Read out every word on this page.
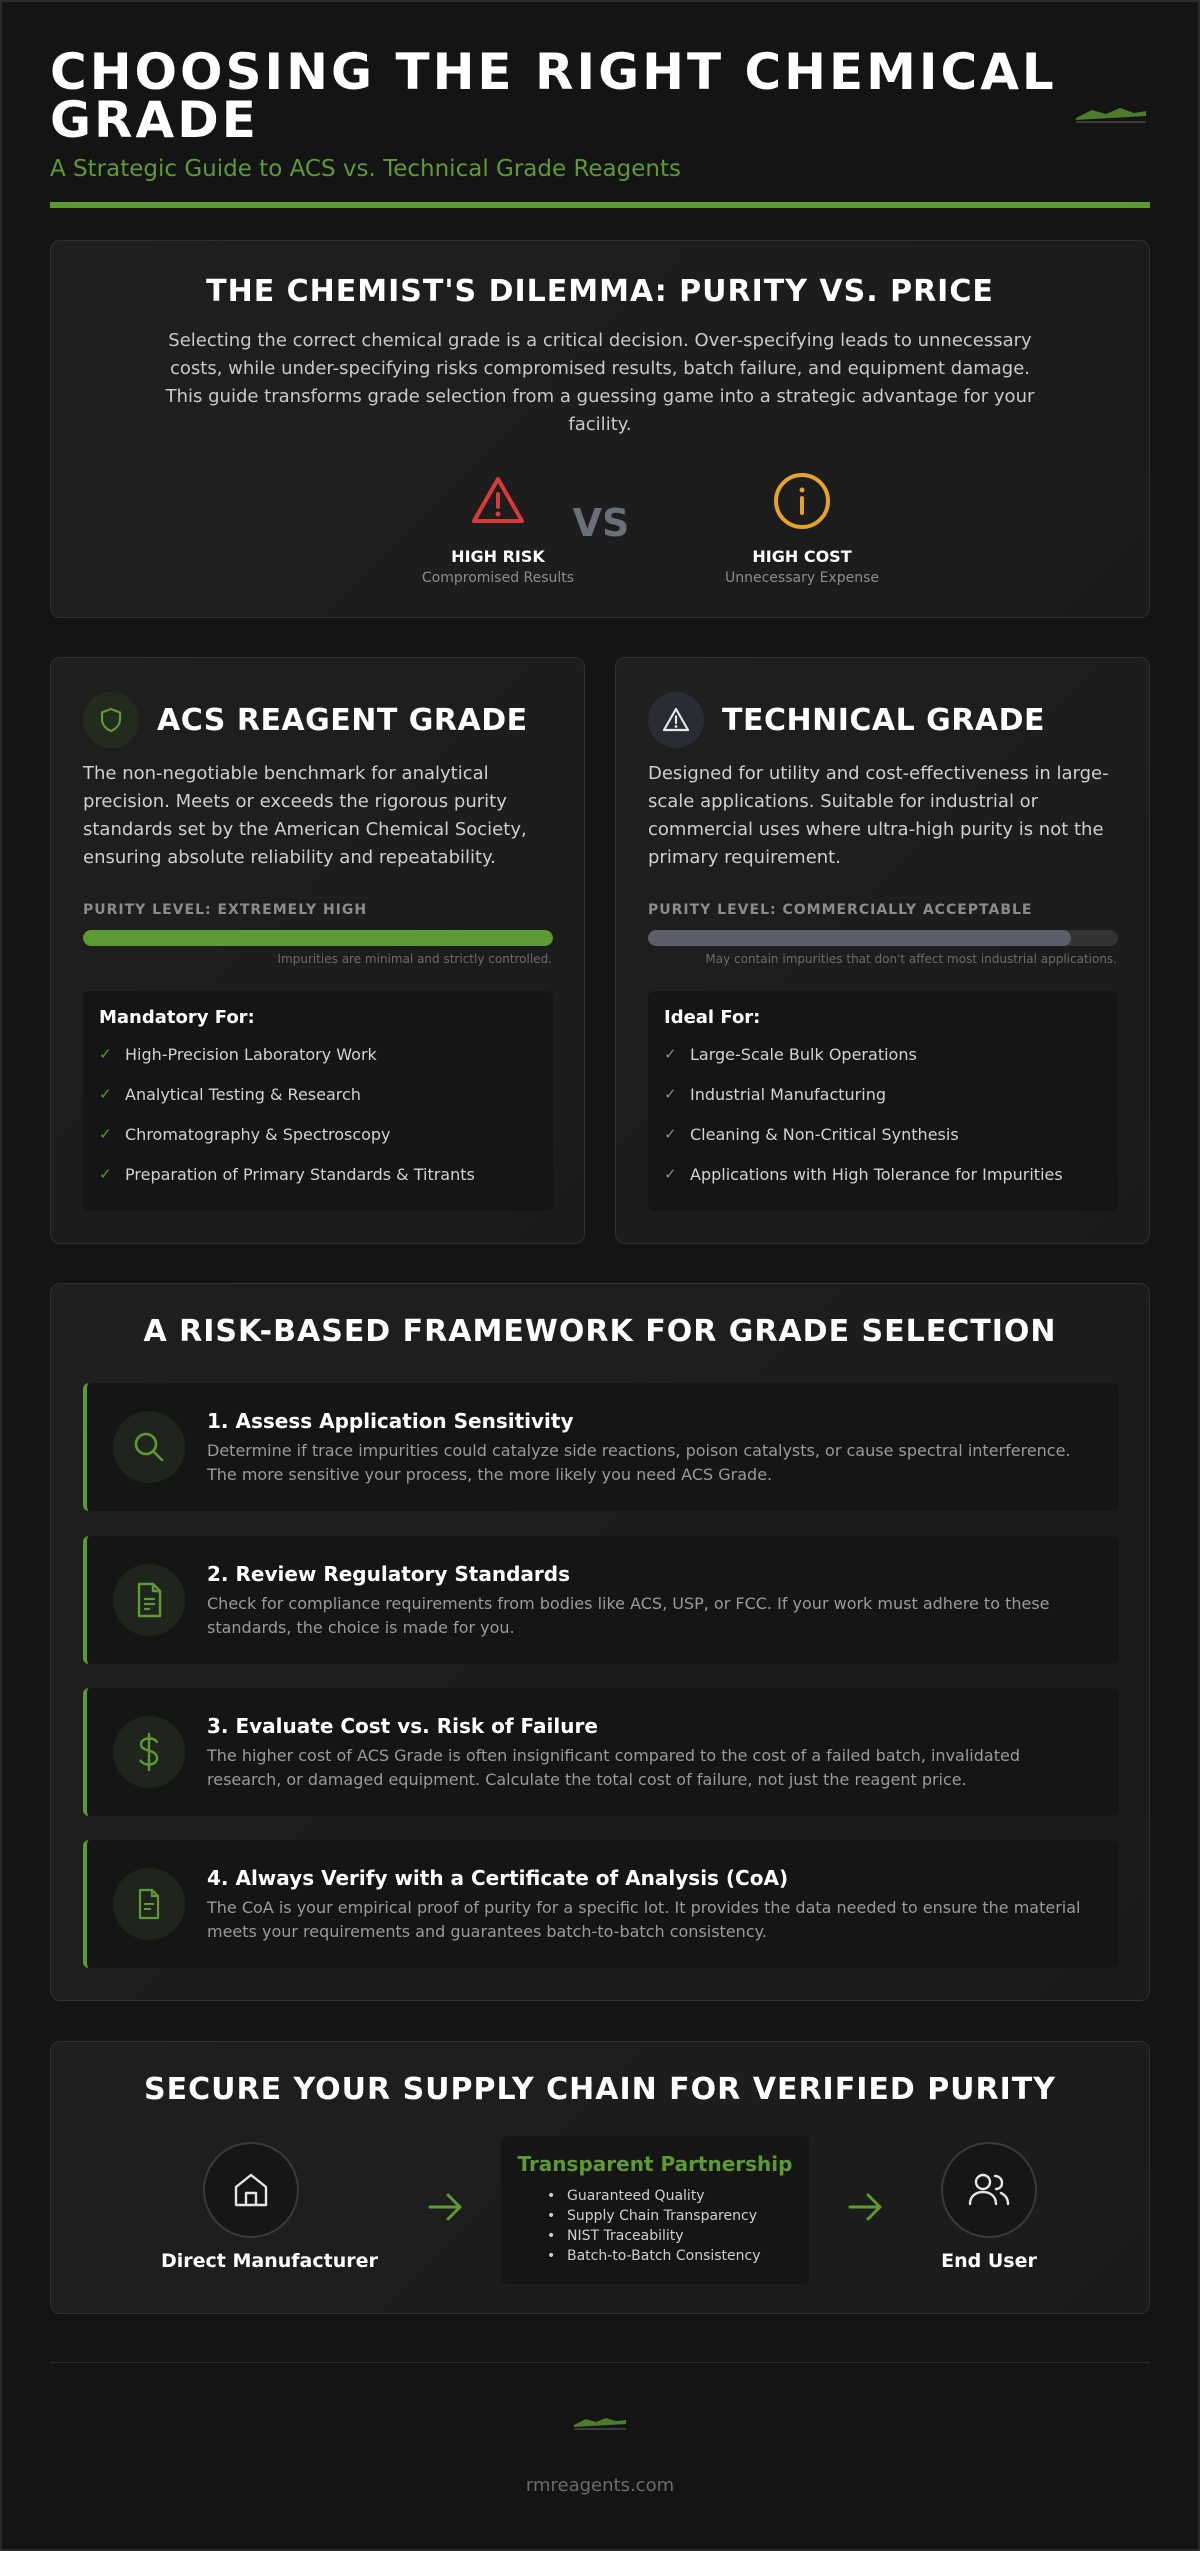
CHOOSING THE RIGHT CHEMICAL GRADE
A Strategic Guide to ACS vs. Technical Grade Reagents
THE CHEMIST'S DILEMMA: PURITY VS. PRICE

Selecting the correct chemical grade is a critical decision. Over-specifying leads to unnecessary costs, while under-specifying risks compromised results, batch failure, and equipment damage. This guide transforms grade selection from a guessing game into a strategic advantage for your facility.

HIGH RISK
Compromised Results
VS
HIGH COST
Unnecessary Expense
ACS REAGENT GRADE
The non-negotiable benchmark for analytical precision. Meets or exceeds the rigorous purity standards set by the American Chemical Society, ensuring absolute reliability and repeatability.
PURITY LEVEL: EXTREMELY HIGH
Impurities are minimal and strictly controlled.
Mandatory For:
✓ High-Precision Laboratory Work
✓ Analytical Testing & Research
✓ Chromatography & Spectroscopy
✓ Preparation of Primary Standards & Titrants
TECHNICAL GRADE
Designed for utility and cost-effectiveness in large-scale applications. Suitable for industrial or commercial uses where ultra-high purity is not the primary requirement.
PURITY LEVEL: COMMERCIALLY ACCEPTABLE
May contain impurities that don't affect most industrial applications.
Ideal For:
✓ Large-Scale Bulk Operations
✓ Industrial Manufacturing
✓ Cleaning & Non-Critical Synthesis
✓ Applications with High Tolerance for Impurities
A RISK-BASED FRAMEWORK FOR GRADE SELECTION
1. Assess Application Sensitivity
Determine if trace impurities could catalyze side reactions, poison catalysts, or cause spectral interference. The more sensitive your process, the more likely you need ACS Grade.
2. Review Regulatory Standards
Check for compliance requirements from bodies like ACS, USP, or FCC. If your work must adhere to these standards, the choice is made for you.
3. Evaluate Cost vs. Risk of Failure
The higher cost of ACS Grade is often insignificant compared to the cost of a failed batch, invalidated research, or damaged equipment. Calculate the total cost of failure, not just the reagent price.
4. Always Verify with a Certificate of Analysis (CoA)
The CoA is your empirical proof of purity for a specific lot. It provides the data needed to ensure the material meets your requirements and guarantees batch-to-batch consistency.
SECURE YOUR SUPPLY CHAIN FOR VERIFIED PURITY
Direct Manufacturer
Transparent Partnership
• Guaranteed Quality
• Supply Chain Transparency
• NIST Traceability
• Batch-to-Batch Consistency	End User
rmreagents.com
